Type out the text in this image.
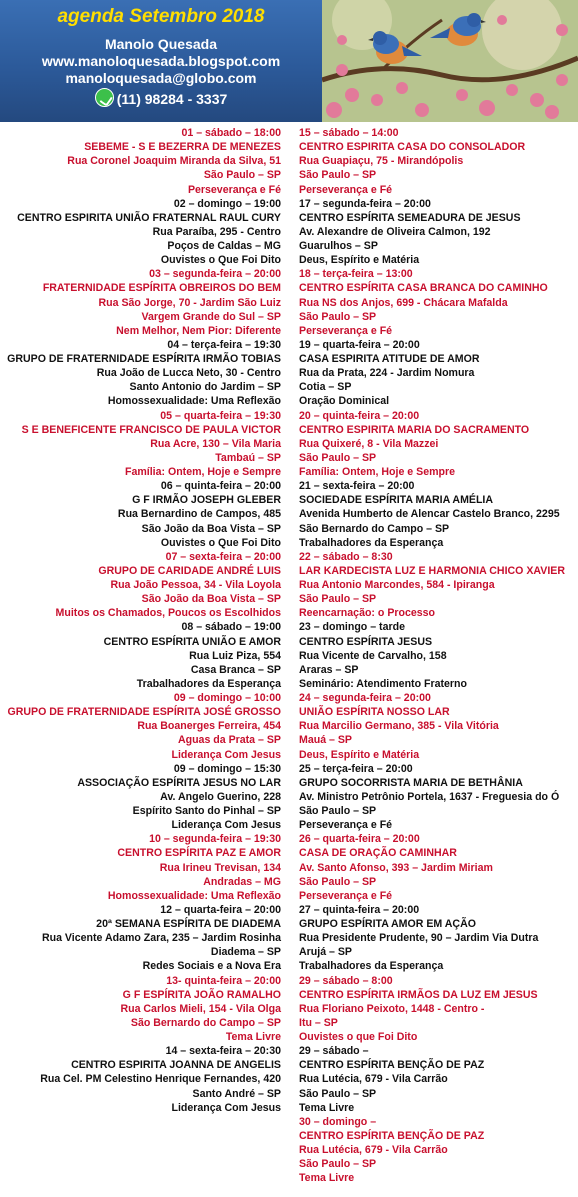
agenda Setembro 2018
Manolo Quesada
www.manoloquesada.blogspot.com
manoloquesada@globo.com
(11) 98284 - 3337
01 – sábado – 18:00
SEBEME - S E BEZERRA DE MENEZES
Rua Coronel Joaquim Miranda da Silva, 51
São Paulo – SP
Perseverança e Fé
02 – domingo – 19:00
CENTRO ESPIRITA UNIÃO FRATERNAL RAUL CURY
Rua Paraíba, 295 - Centro
Poços de Caldas – MG
Ouvistes o Que Foi Dito
03 – segunda-feira – 20:00
FRATERNIDADE ESPÍRITA OBREIROS DO BEM
Rua São Jorge, 70 - Jardim São Luiz
Vargem Grande do Sul – SP
Nem Melhor, Nem Pior: Diferente
04 – terça-feira – 19:30
GRUPO DE FRATERNIDADE ESPÍRITA IRMÃO TOBIAS
Rua João de Lucca Neto, 30 - Centro
Santo Antonio do Jardim – SP
Homossexualidade: Uma Reflexão
05 – quarta-feira – 19:30
S E BENEFICENTE FRANCISCO DE PAULA VICTOR
Rua Acre, 130 – Vila Maria
Tambaú – SP
Família: Ontem, Hoje e Sempre
06 – quinta-feira – 20:00
G F IRMÃO JOSEPH GLEBER
Rua Bernardino de Campos, 485
São João da Boa Vista – SP
Ouvistes o Que Foi Dito
07 – sexta-feira – 20:00
GRUPO DE CARIDADE ANDRÉ LUIS
Rua João Pessoa, 34 - Vila Loyola
São João da Boa Vista – SP
Muitos os Chamados, Poucos os Escolhidos
08 – sábado – 19:00
CENTRO ESPÍRITA UNIÃO E AMOR
Rua Luiz Piza, 554
Casa Branca – SP
Trabalhadores da Esperança
09 – domingo – 10:00
GRUPO DE FRATERNIDADE ESPÍRITA JOSÉ GROSSO
Rua Boanerges Ferreira, 454
Aguas da Prata – SP
Liderança Com Jesus
09 – domingo – 15:30
ASSOCIAÇÃO ESPÍRITA JESUS NO LAR
Av. Angelo Guerino, 228
Espírito Santo do Pinhal – SP
Liderança Com Jesus
10 – segunda-feira – 19:30
CENTRO ESPÍRITA PAZ E AMOR
Rua Irineu Trevisan, 134
Andradas – MG
Homossexualidade: Uma Reflexão
12 – quarta-feira – 20:00
20ª SEMANA ESPÍRITA DE DIADEMA
Rua Vicente Adamo Zara, 235 – Jardim Rosinha
Diadema – SP
Redes Sociais e a Nova Era
13- quinta-feira – 20:00
G F ESPÍRITA JOÃO RAMALHO
Rua Carlos Mieli, 154 - Vila Olga
São Bernardo do Campo – SP
Tema Livre
14 – sexta-feira – 20:30
CENTRO ESPIRITA JOANNA DE ANGELIS
Rua Cel. PM Celestino Henrique Fernandes, 420
Santo André – SP
Liderança Com Jesus
15 – sábado – 14:00
CENTRO ESPIRITA CASA DO CONSOLADOR
Rua Guapiaçu, 75 - Mirandópolis
São Paulo – SP
Perseverança e Fé
17 – segunda-feira – 20:00
CENTRO ESPÍRITA SEMEADURA DE JESUS
Av. Alexandre de Oliveira Calmon, 192
Guarulhos – SP
Deus, Espírito e Matéria
18 – terça-feira – 13:00
CENTRO ESPÍRITA CASA BRANCA DO CAMINHO
Rua NS dos Anjos, 699 - Chácara Mafalda
São Paulo – SP
Perseverança e Fé
19 – quarta-feira – 20:00
CASA ESPIRITA ATITUDE DE AMOR
Rua da Prata, 224 - Jardim Nomura
Cotia – SP
Oração Dominical
20 – quinta-feira – 20:00
CENTRO ESPIRITA MARIA DO SACRAMENTO
Rua Quixeré, 8 - Vila Mazzei
São Paulo – SP
Família: Ontem, Hoje e Sempre
21 – sexta-feira – 20:00
SOCIEDADE ESPÍRITA MARIA AMÉLIA
Avenida Humberto de Alencar Castelo Branco, 2295
São Bernardo do Campo – SP
Trabalhadores da Esperança
22 – sábado – 8:30
LAR KARDECISTA LUZ E HARMONIA CHICO XAVIER
Rua Antonio Marcondes, 584 - Ipiranga
São Paulo – SP
Reencarnação: o Processo
23 – domingo – tarde
CENTRO ESPÍRITA JESUS
Rua Vicente de Carvalho, 158
Araras – SP
Seminário: Atendimento Fraterno
24 – segunda-feira – 20:00
UNIÃO ESPÍRITA NOSSO LAR
Rua Marcilio Germano, 385 - Vila Vitória
Mauá – SP
Deus, Espírito e Matéria
25 – terça-feira – 20:00
GRUPO SOCORRISTA MARIA DE BETHÂNIA
Av. Ministro Petrônio Portela, 1637 - Freguesia do Ó
São Paulo – SP
Perseverança e Fé
26 – quarta-feira – 20:00
CASA DE ORAÇÃO CAMINHAR
Av. Santo Afonso, 393 – Jardim Miriam
São Paulo – SP
Perseverança e Fé
27 – quinta-feira – 20:00
GRUPO ESPÍRITA AMOR EM AÇÃO
Rua Presidente Prudente, 90 – Jardim Via Dutra
Arujá – SP
Trabalhadores da Esperança
29 – sábado – 8:00
CENTRO ESPÍRITA IRMÃOS DA LUZ EM JESUS
Rua Floriano Peixoto, 1448 - Centro -
Itu – SP
Ouvistes o que Foi Dito
29 – sábado –
CENTRO ESPÍRITA BENÇÃO DE PAZ
Rua Lutécia, 679 - Vila Carrão
São Paulo – SP
Tema Livre
30 – domingo –
CENTRO ESPÍRITA BENÇÃO DE PAZ
Rua Lutécia, 679 - Vila Carrão
São Paulo – SP
Tema Livre
